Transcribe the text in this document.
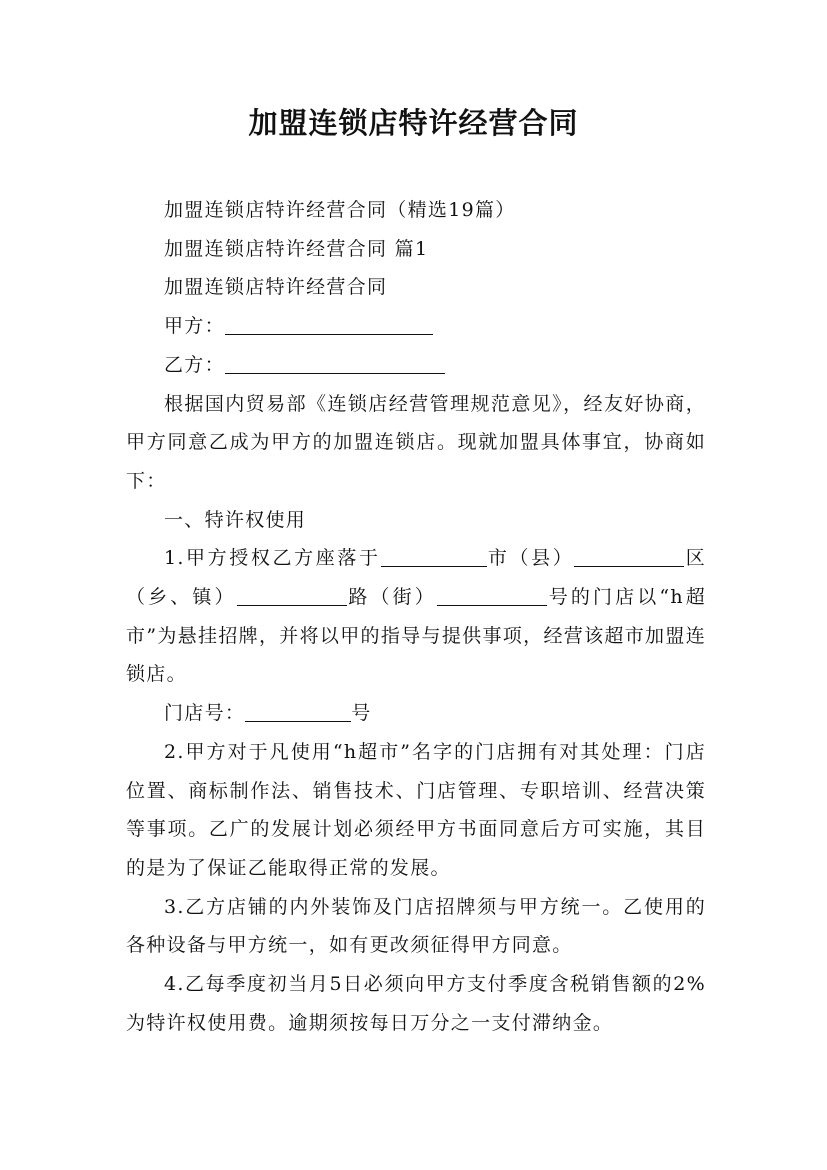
加盟连锁店特许经营合同

加盟连锁店特许经营合同（精选19篇）

加盟连锁店特许经营合同 篇1

加盟连锁店特许经营合同

甲方：

乙方：

根据国内贸易部《连锁店经营管理规范意见》，经友好协商，甲方同意乙成为甲方的加盟连锁店。现就加盟具体事宜，协商如下：

一、特许权使用

1.甲方授权乙方座落于	市（县）	区（乡、镇）	路（街）	号的门店以“h超市”为悬挂招牌，并将以甲的指导与提供事项，经营该超市加盟连锁店。

门店号：	号

2.甲方对于凡使用“h超市”名字的门店拥有对其处理：门店位置、商标制作法、销售技术、门店管理、专职培训、经营决策等事项。乙广的发展计划必须经甲方书面同意后方可实施，其目的是为了保证乙能取得正常的发展。

3.乙方店铺的内外装饰及门店招牌须与甲方统一。乙使用的各种设备与甲方统一，如有更改须征得甲方同意。

4.乙每季度初当月5日必须向甲方支付季度含税销售额的2%为特许权使用费。逾期须按每日万分之一支付滞纳金。
